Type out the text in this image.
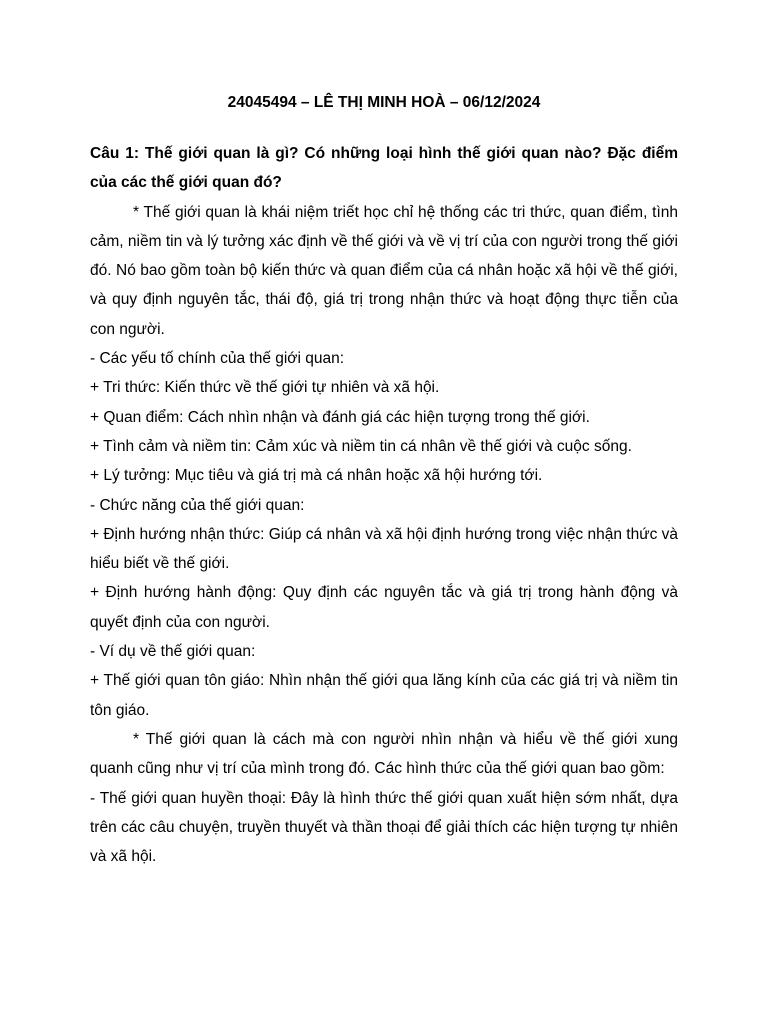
24045494 – LÊ THỊ MINH HOÀ – 06/12/2024

Câu 1: Thế giới quan là gì? Có những loại hình thế giới quan nào? Đặc điểm của các thế giới quan đó?

* Thế giới quan là khái niệm triết học chỉ hệ thống các tri thức, quan điểm, tình cảm, niềm tin và lý tưởng xác định về thế giới và về vị trí của con người trong thế giới đó. Nó bao gồm toàn bộ kiến thức và quan điểm của cá nhân hoặc xã hội về thế giới, và quy định nguyên tắc, thái độ, giá trị trong nhận thức và hoạt động thực tiễn của con người.

- Các yếu tố chính của thế giới quan:

+ Tri thức: Kiến thức về thế giới tự nhiên và xã hội.

+ Quan điểm: Cách nhìn nhận và đánh giá các hiện tượng trong thế giới.

+ Tình cảm và niềm tin: Cảm xúc và niềm tin cá nhân về thế giới và cuộc sống.

+ Lý tưởng: Mục tiêu và giá trị mà cá nhân hoặc xã hội hướng tới.

- Chức năng của thế giới quan:

+ Định hướng nhận thức: Giúp cá nhân và xã hội định hướng trong việc nhận thức và hiểu biết về thế giới.

+ Định hướng hành động: Quy định các nguyên tắc và giá trị trong hành động và quyết định của con người.

- Ví dụ về thế giới quan:

+ Thế giới quan tôn giáo: Nhìn nhận thế giới qua lăng kính của các giá trị và niềm tin tôn giáo.

* Thế giới quan là cách mà con người nhìn nhận và hiểu về thế giới xung quanh cũng như vị trí của mình trong đó. Các hình thức của thế giới quan bao gồm:

- Thế giới quan huyền thoại: Đây là hình thức thế giới quan xuất hiện sớm nhất, dựa trên các câu chuyện, truyền thuyết và thần thoại để giải thích các hiện tượng tự nhiên và xã hội.
